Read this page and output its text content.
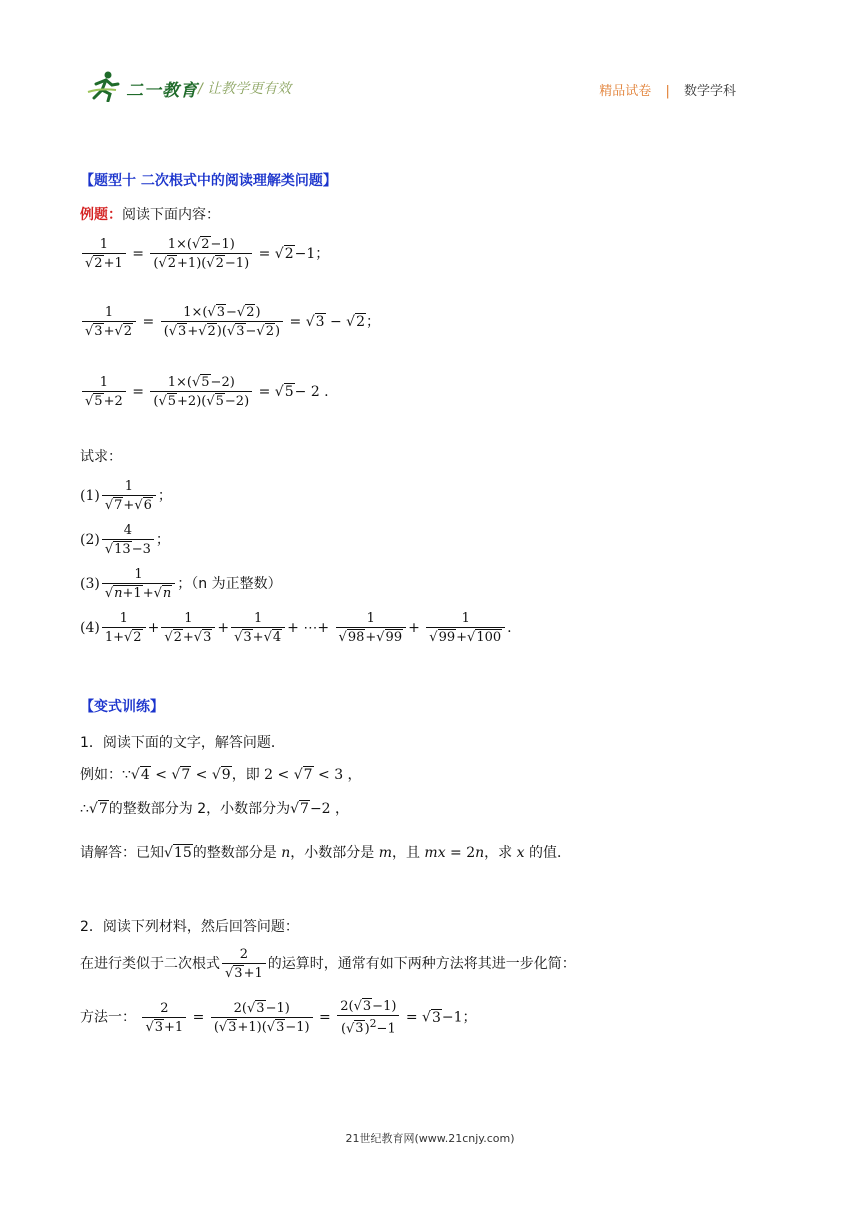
二一教育 / 让教学更有效	精品试卷 | 数学学科
【题型十 二次根式中的阅读理解类问题】
例题：阅读下面内容：
$\frac{1}{√2+1} = \frac{1\times(√2-1)}{(√2+1)(√2-1)} = √2-1$；
$\frac{1}{√3+√2} = \frac{1\times(√3-√2)}{(√3+√2)(√3-√2)} = √3 - √2$；
$\frac{1}{√5+2} = \frac{1\times(√5-2)}{(√5+2)(√5-2)} = √5- 2$ .
试求：
$(1) \frac{1}{√7+√6}$ ；
$(2) \frac{4}{√13-3}$ ；
$(3) \frac{1}{√n+1+√n}$ ；（n 为正整数）
$(4) \frac{1}{1+√2} + \frac{1}{√2+√3} + \frac{1}{√3+√4}$ + ⋯+ $\frac{1}{√98+√99} + \frac{1}{√99+√100}$ .
【变式训练】
1．阅读下面的文字，解答问题．
例如：∵√4 < √7 < √9，即 2 < √7 < 3 ，
∴√7的整数部分为 2，小数部分为√7−2 ，
请解答：已知√15的整数部分是 n，小数部分是 m，且 mx = 2n，求 x 的值．
2．阅读下列材料，然后回答问题：
在进行类似于二次根式 $\frac{2}{√3+1}$ 的运算时，通常有如下两种方法将其进一步化简：
方法一： $\frac{2}{√3+1} = \frac{2(√3-1)}{(√3+1)(√3-1)} = \frac{2(√3-1)}{(√3)^2-1} = √3-1$；
21世纪教育网(www.21cnjy.com)
